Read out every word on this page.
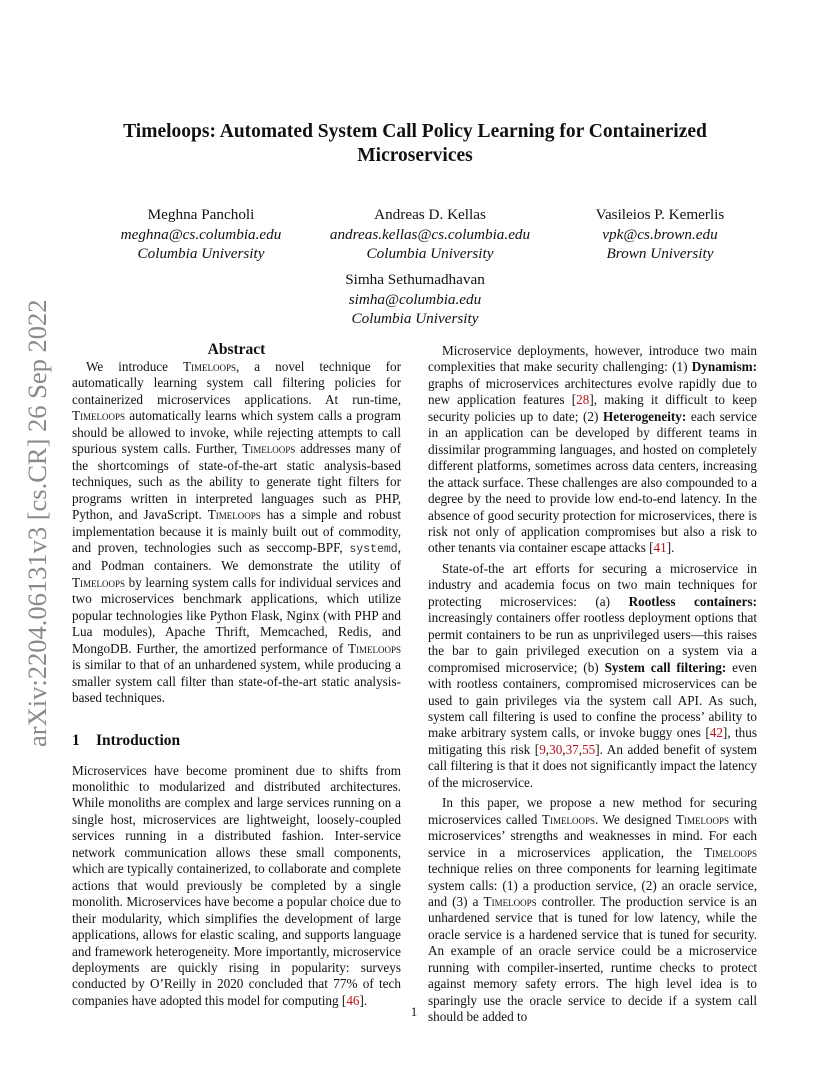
arXiv:2204.06131v3 [cs.CR] 26 Sep 2022
Timeloops: Automated System Call Policy Learning for Containerized Microservices
Meghna Pancholi
meghna@cs.columbia.edu
Columbia University
Andreas D. Kellas
andreas.kellas@cs.columbia.edu
Columbia University
Vasileios P. Kemerlis
vpk@cs.brown.edu
Brown University
Simha Sethumadhavan
simha@columbia.edu
Columbia University
Abstract

We introduce Timeloops, a novel technique for automatically learning system call filtering policies for containerized microservices applications. At run-time, Timeloops automatically learns which system calls a program should be allowed to invoke, while rejecting attempts to call spurious system calls. Further, Timeloops addresses many of the shortcomings of state-of-the-art static analysis-based techniques, such as the ability to generate tight filters for programs written in interpreted languages such as PHP, Python, and JavaScript. Timeloops has a simple and robust implementation because it is mainly built out of commodity, and proven, technologies such as seccomp-BPF, systemd, and Podman containers. We demonstrate the utility of Timeloops by learning system calls for individual services and two microservices benchmark applications, which utilize popular technologies like Python Flask, Nginx (with PHP and Lua modules), Apache Thrift, Memcached, Redis, and MongoDB. Further, the amortized performance of Timeloops is similar to that of an unhardened system, while producing a smaller system call filter than state-of-the-art static analysis-based techniques.

1 Introduction

Microservices have become prominent due to shifts from monolithic to modularized and distributed architectures. While monoliths are complex and large services running on a single host, microservices are lightweight, loosely-coupled services running in a distributed fashion. Inter-service network communication allows these small components, which are typically containerized, to collaborate and complete actions that would previously be completed by a single monolith. Microservices have become a popular choice due to their modularity, which simplifies the development of large applications, allows for elastic scaling, and supports language and framework heterogeneity. More importantly, microservice deployments are quickly rising in popularity: surveys conducted by O’Reilly in 2020 concluded that 77% of tech companies have adopted this model for computing [46].

Microservice deployments, however, introduce two main complexities that make security challenging: (1) Dynamism: graphs of microservices architectures evolve rapidly due to new application features [28], making it difficult to keep security policies up to date; (2) Heterogeneity: each service in an application can be developed by different teams in dissimilar programming languages, and hosted on completely different platforms, sometimes across data centers, increasing the attack surface. These challenges are also compounded to a degree by the need to provide low end-to-end latency. In the absence of good security protection for microservices, there is risk not only of application compromises but also a risk to other tenants via container escape attacks [41].

State-of-the art efforts for securing a microservice in industry and academia focus on two main techniques for protecting microservices: (a) Rootless containers: increasingly containers offer rootless deployment options that permit containers to be run as unprivileged users—this raises the bar to gain privileged execution on a system via a compromised microservice; (b) System call filtering: even with rootless containers, compromised microservices can be used to gain privileges via the system call API. As such, system call filtering is used to confine the process’ ability to make arbitrary system calls, or invoke buggy ones [42], thus mitigating this risk [9,30,37,55]. An added benefit of system call filtering is that it does not significantly impact the latency of the microservice.

In this paper, we propose a new method for securing microservices called Timeloops. We designed Timeloops with microservices’ strengths and weaknesses in mind. For each service in a microservices application, the Timeloops technique relies on three components for learning legitimate system calls: (1) a production service, (2) an oracle service, and (3) a Timeloops controller. The production service is an unhardened service that is tuned for low latency, while the oracle service is a hardened service that is tuned for security. An example of an oracle service could be a microservice running with compiler-inserted, runtime checks to protect against memory safety errors. The high level idea is to sparingly use the oracle service to decide if a system call should be added to

1
